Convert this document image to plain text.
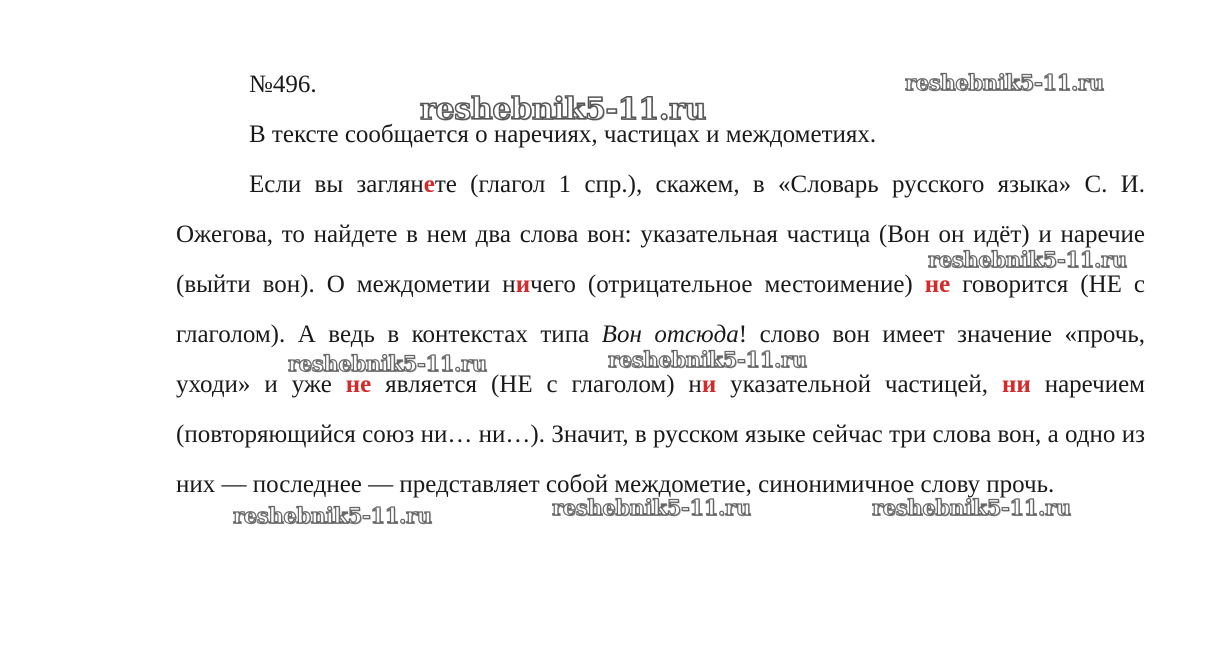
№496.

В тексте сообщается о наречиях, частицах и междометиях.

Если вы заглянете (глагол 1 спр.), скажем, в «Словарь русского языка» С. И. Ожегова, то найдете в нем два слова вон: указательная частица (Вон он идёт) и наречие (выйти вон). О междометии ничего (отрицательное местоимение) не говорится (НЕ с глаголом). А ведь в контекстах типа Вон отсюда! слово вон имеет значение «прочь, уходи» и уже не является (НЕ с глаголом) ни указательной частицей, ни наречием (повторяющийся союз ни… ни…). Значит, в русском языке сейчас три слова вон, а одно из них — последнее — представляет собой междометие, синонимичное слову прочь.

reshebnik5-11.ru
reshebnik5-11.ru
reshebnik5-11.ru
reshebnik5-11.ru	reshebnik5-11.ru
reshebnik5-11.ru	reshebnik5-11.ru	reshebnik5-11.ru
